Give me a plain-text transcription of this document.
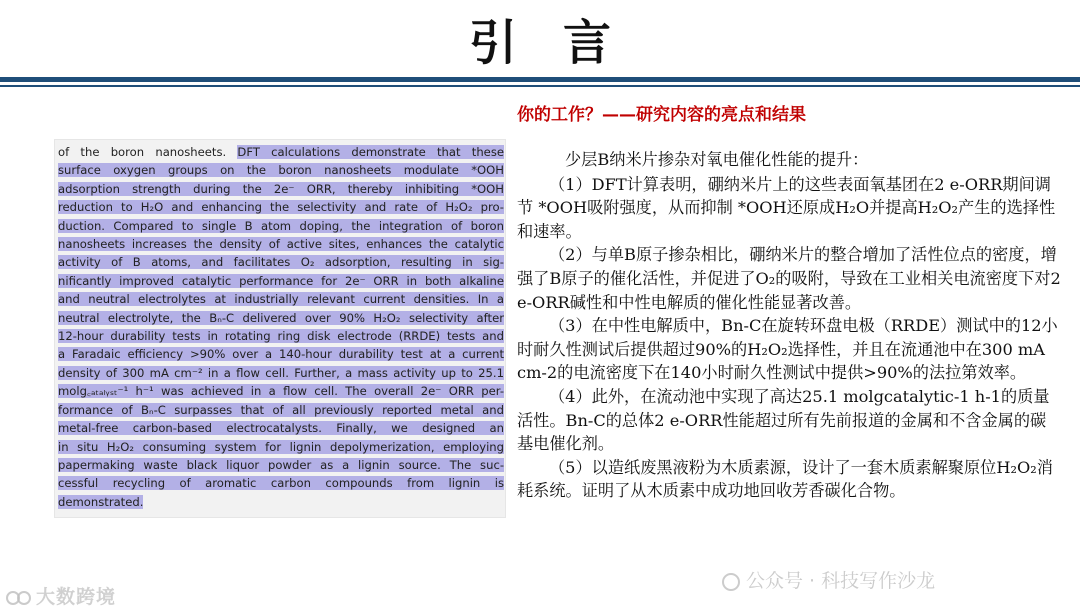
引言
你的工作？——研究内容的亮点和结果
of the boron nanosheets. DFT calculations demonstrate that these
surface oxygen groups on the boron nanosheets modulate *OOH
adsorption strength during the 2e⁻ ORR, thereby inhibiting *OOH
reduction to H₂O and enhancing the selectivity and rate of H₂O₂ pro-
duction. Compared to single B atom doping, the integration of boron
nanosheets increases the density of active sites, enhances the catalytic
activity of B atoms, and facilitates O₂ adsorption, resulting in sig-
nificantly improved catalytic performance for 2e⁻ ORR in both alkaline
and neutral electrolytes at industrially relevant current densities. In a
neutral electrolyte, the Bₙ-C delivered over 90% H₂O₂ selectivity after
12-hour durability tests in rotating ring disk electrode (RRDE) tests and
a Faradaic efficiency >90% over a 140-hour durability test at a current
density of 300 mA cm⁻² in a flow cell. Further, a mass activity up to 25.1
molg꜀ₐₜₐₗᵧₛₜ⁻¹ h⁻¹ was achieved in a flow cell. The overall 2e⁻ ORR per-
formance of Bₙ-C surpasses that of all previously reported metal and
metal-free carbon-based electrocatalysts. Finally, we designed an
in situ H₂O₂ consuming system for lignin depolymerization, employing
papermaking waste black liquor powder as a lignin source. The suc-
cessful recycling of aromatic carbon compounds from lignin is
demonstrated.
少层B纳米片掺杂对氧电催化性能的提升：

（1）DFT计算表明，硼纳米片上的这些表面氧基团在2 e-ORR期间调节 *OOH吸附强度，从而抑制 *OOH还原成H₂O并提高H₂O₂产生的选择性和速率。

（2）与单B原子掺杂相比，硼纳米片的整合增加了活性位点的密度，增强了B原子的催化活性，并促进了O₂的吸附，导致在工业相关电流密度下对2 e-ORR碱性和中性电解质的催化性能显著改善。

（3）在中性电解质中，Bn-C在旋转环盘电极（RRDE）测试中的12小时耐久性测试后提供超过90%的H₂O₂选择性，并且在流通池中在300 mA cm-2的电流密度下在140小时耐久性测试中提供>90%的法拉第效率。

（4）此外，在流动池中实现了高达25.1 molgcatalytic-1 h-1的质量活性。Bn-C的总体2 e-ORR性能超过所有先前报道的金属和不含金属的碳基电催化剂。

（5）以造纸废黑液粉为木质素源，设计了一套木质素解聚原位H₂O₂消耗系统。证明了从木质素中成功地回收芳香碳化合物。

大数跨境
公众号 · 科技写作沙龙
